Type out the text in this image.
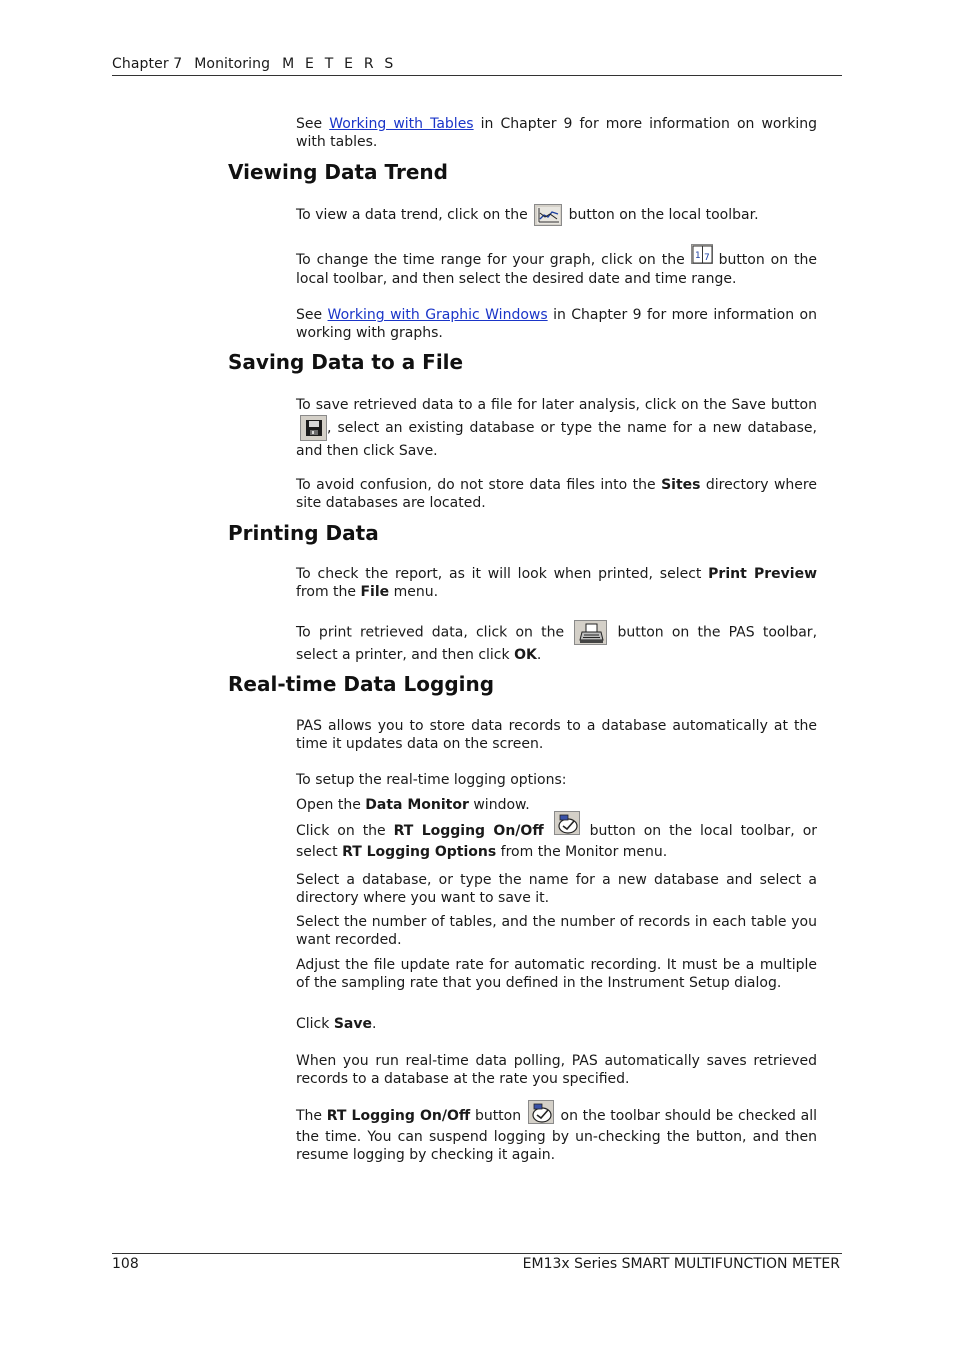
Chapter 7 Monitoring M E T E R S

See Working with Tables in Chapter 9 for more information on working with tables.

Viewing Data Trend

To view a data trend, click on the	button on the local toolbar.

To change the time range for your graph, click on the 1 7 button on the local toolbar, and then select the desired date and time range.

See Working with Graphic Windows in Chapter 9 for more information on working with graphs.

Saving Data to a File

To save retrieved data to a file for later analysis, click on the Save button
, select an existing database or type the name for a new database, and then click Save.

To avoid confusion, do not store data files into the Sites directory where site databases are located.

Printing Data

To check the report, as it will look when printed, select Print Preview from the File menu.

To print retrieved data, click on the	button on the PAS toolbar, select a printer, and then click OK.

Real-time Data Logging

PAS allows you to store data records to a database automatically at the time it updates data on the screen.

To setup the real-time logging options:

Open the Data Monitor window.

Click on the RT Logging On/Off	button on the local toolbar, or select RT Logging Options from the Monitor menu.

Select a database, or type the name for a new database and select a directory where you want to save it.

Select the number of tables, and the number of records in each table you want recorded.

Adjust the file update rate for automatic recording. It must be a multiple of the sampling rate that you defined in the Instrument Setup dialog.

Click Save.

When you run real-time data polling, PAS automatically saves retrieved records to a database at the rate you specified.

The RT Logging On/Off button	on the toolbar should be checked all the time. You can suspend logging by un-checking the button, and then resume logging by checking it again.

108	EM13x Series SMART MULTIFUNCTION METER
